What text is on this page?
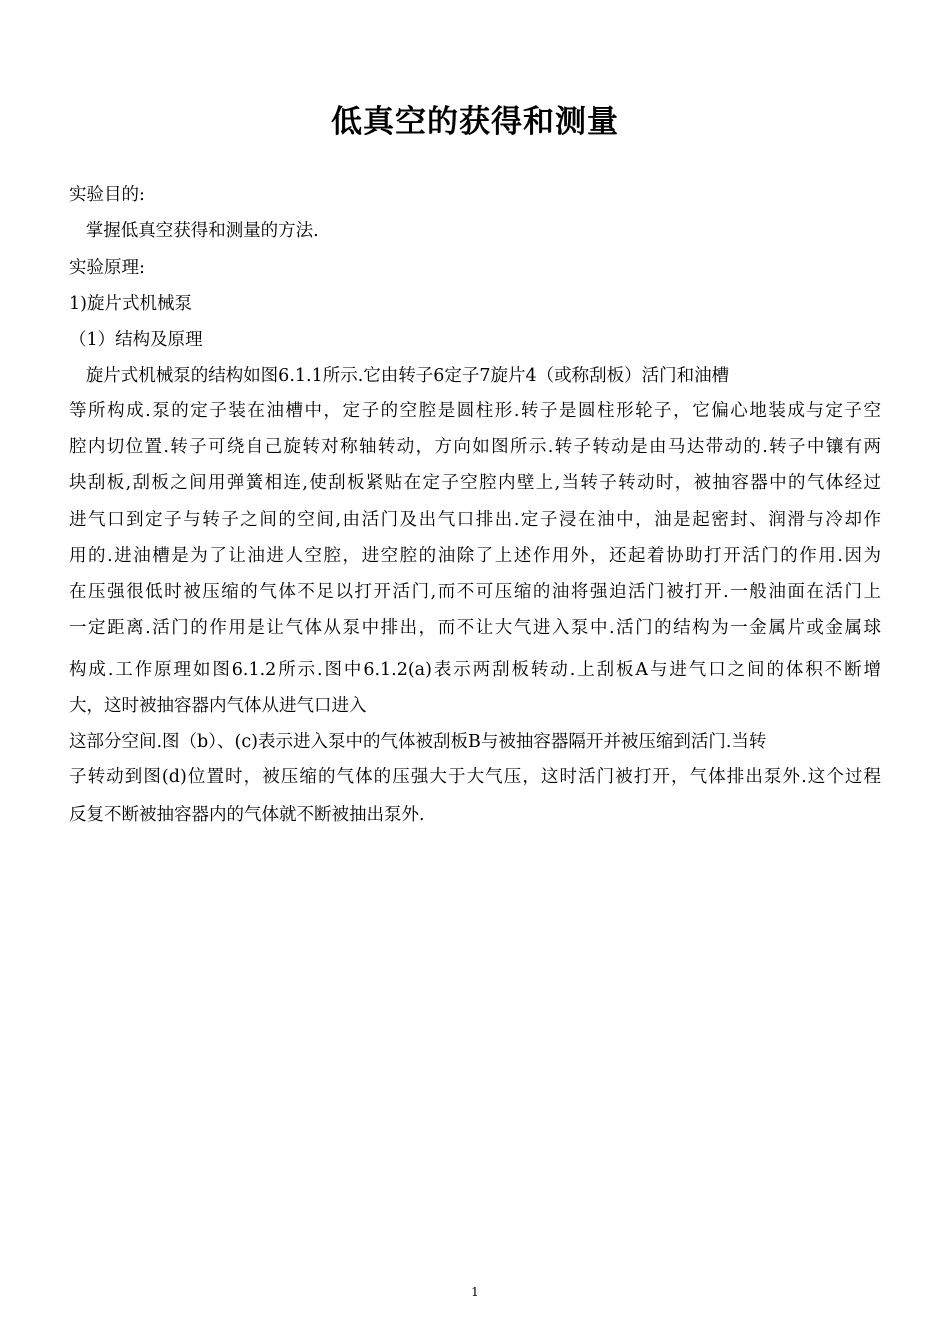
低真空的获得和测量
实验目的:
掌握低真空获得和测量的方法.
实验原理:
1)旋片式机械泵
（1）结构及原理
旋片式机械泵的结构如图6.1.1所示.它由转子6定子7旋片4（或称刮板）活门和油槽
等所构成.泵的定子装在油槽中，定子的空腔是圆柱形.转子是圆柱形轮子，它偏心地装成与定子空
腔内切位置.转子可绕自己旋转对称轴转动，方向如图所示.转子转动是由马达带动的.转子中镶有两
块刮板,刮板之间用弹簧相连,使刮板紧贴在定子空腔内壁上,当转子转动时，被抽容器中的气体经过
进气口到定子与转子之间的空间,由活门及出气口排出.定子浸在油中，油是起密封、润滑与冷却作
用的.进油槽是为了让油进人空腔，进空腔的油除了上述作用外，还起着协助打开活门的作用.因为
在压强很低时被压缩的气体不足以打开活门,而不可压缩的油将强迫活门被打开.一般油面在活门上
一定距离.活门的作用是让气体从泵中排出，而不让大气进入泵中.活门的结构为一金属片或金属球
构成.工作原理如图6.1.2所示.图中6.1.2(a)表示两刮板转动.上刮板A与进气口之间的体积不断增
大，这时被抽容器内气体从进气口进入
这部分空间.图（b）、(c)表示进入泵中的气体被刮板B与被抽容器隔开并被压缩到活门.当转
子转动到图(d)位置时，被压缩的气体的压强大于大气压，这时活门被打开，气体排出泵外.这个过程
反复不断被抽容器内的气体就不断被抽出泵外.
1
